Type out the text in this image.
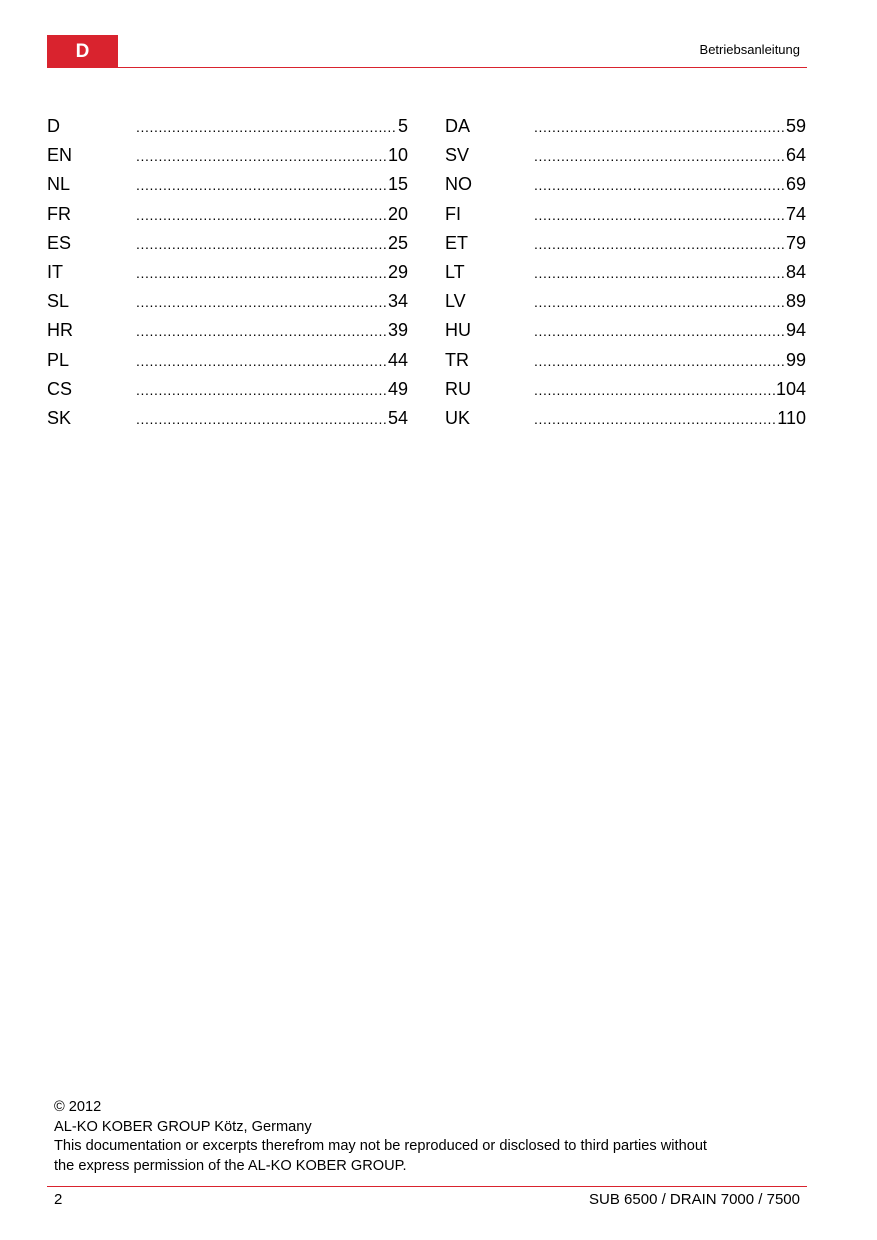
D	Betriebsanleitung
D .....	5
EN .....	10
NL .....	15
FR .....	20
ES .....	25
IT .....	29
SL .....	34
HR .....	39
PL .....	44
CS .....	49
SK .....	54
DA .....	59
SV .....	64
NO .....	69
FI .....	74
ET .....	79
LT .....	84
LV .....	89
HU .....	94
TR .....	99
RU .....	104
UK .....	110
© 2012
AL-KO KOBER GROUP Kötz, Germany
This documentation or excerpts therefrom may not be reproduced or disclosed to third parties without
the express permission of the AL-KO KOBER GROUP.
2	SUB 6500 / DRAIN 7000 / 7500
